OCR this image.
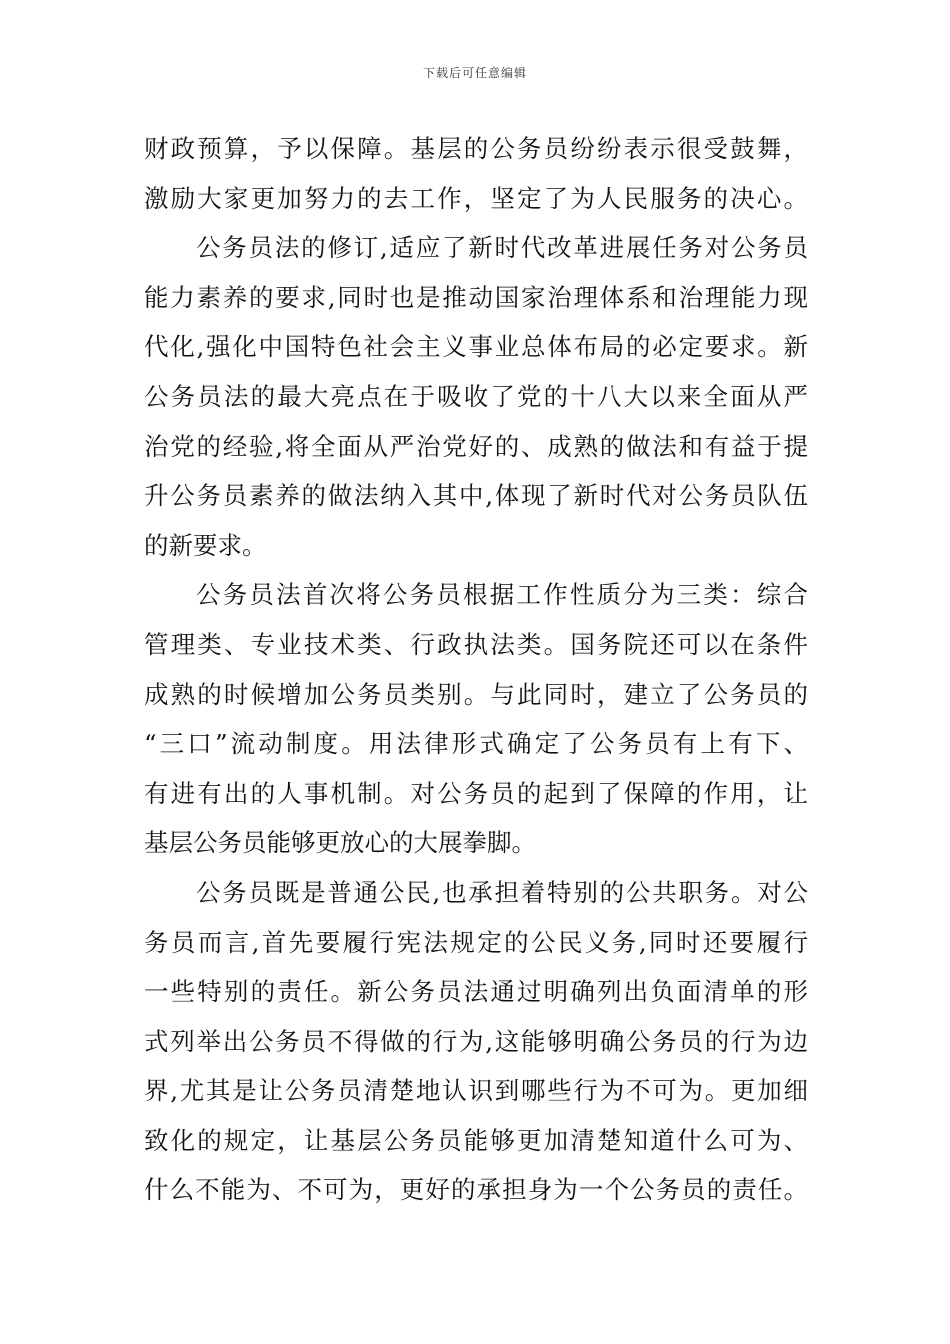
下载后可任意编辑
财政预算，予以保障。基层的公务员纷纷表示很受鼓舞，
激励大家更加努力的去工作，坚定了为人民服务的决心。
公务员法的修订,适应了新时代改革进展任务对公务员
能力素养的要求,同时也是推动国家治理体系和治理能力现
代化,强化中国特色社会主义事业总体布局的必定要求。新
公务员法的最大亮点在于吸收了党的十八大以来全面从严
治党的经验,将全面从严治党好的、成熟的做法和有益于提
升公务员素养的做法纳入其中,体现了新时代对公务员队伍
的新要求。
公务员法首次将公务员根据工作性质分为三类：综合
管理类、专业技术类、行政执法类。国务院还可以在条件
成熟的时候增加公务员类别。与此同时，建立了公务员的
“三口”流动制度。用法律形式确定了公务员有上有下、
有进有出的人事机制。对公务员的起到了保障的作用，让
基层公务员能够更放心的大展拳脚。
公务员既是普通公民,也承担着特别的公共职务。对公
务员而言,首先要履行宪法规定的公民义务,同时还要履行
一些特别的责任。新公务员法通过明确列出负面清单的形
式列举出公务员不得做的行为,这能够明确公务员的行为边
界,尤其是让公务员清楚地认识到哪些行为不可为。更加细
致化的规定，让基层公务员能够更加清楚知道什么可为、
什么不能为、不可为，更好的承担身为一个公务员的责任。
